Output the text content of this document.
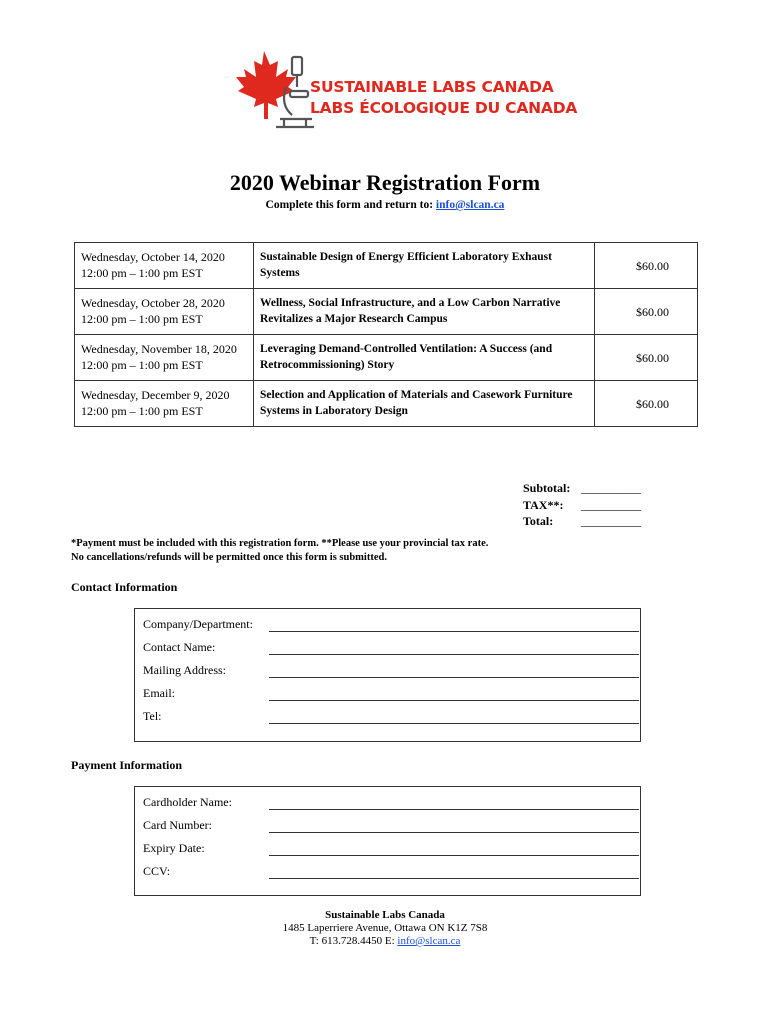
SUSTAINABLE LABS CANADA
LABS ÉCOLOGIQUE DU CANADA
2020 Webinar Registration Form
Complete this form and return to: info@slcan.ca
Wednesday, October 14, 2020
12:00 pm – 1:00 pm EST	Sustainable Design of Energy Efficient Laboratory Exhaust Systems	$60.00

Wednesday, October 28, 2020
12:00 pm – 1:00 pm EST	Wellness, Social Infrastructure, and a Low Carbon Narrative Revitalizes a Major Research Campus	$60.00

Wednesday, November 18, 2020
12:00 pm – 1:00 pm EST	Leveraging Demand-Controlled Ventilation: A Success (and Retrocommissioning) Story	$60.00

Wednesday, December 9, 2020
12:00 pm – 1:00 pm EST	Selection and Application of Materials and Casework Furniture Systems in Laboratory Design	$60.00
Subtotal: __________
TAX**:	__________
Total:	__________
*Payment must be included with this registration form. **Please use your provincial tax rate.
No cancellations/refunds will be permitted once this form is submitted.
Contact Information
Company/Department:
Contact Name:
Mailing Address:
Email:
Tel:
Payment Information
Cardholder Name:
Card Number:
Expiry Date:
CCV:
Sustainable Labs Canada
1485 Laperriere Avenue, Ottawa ON K1Z 7S8
T: 613.728.4450 E: info@slcan.ca
